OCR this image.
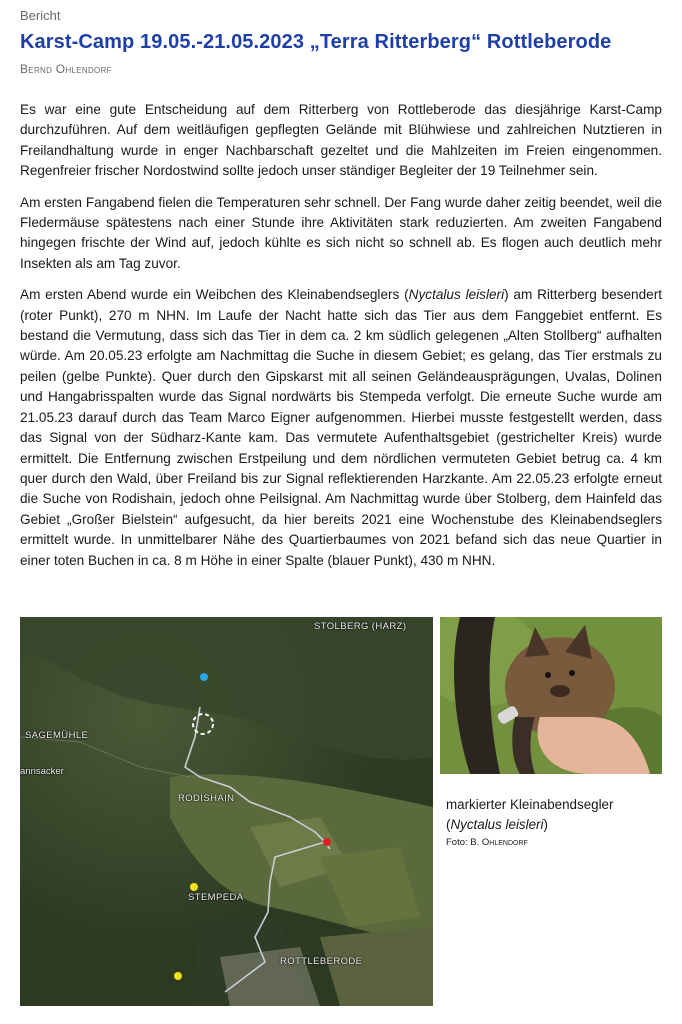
Bericht
Karst-Camp 19.05.-21.05.2023 „Terra Ritterberg“ Rottleberode
Bernd Ohlendorf

Es war eine gute Entscheidung auf dem Ritterberg von Rottleberode das diesjährige Karst-Camp durchzuführen. Auf dem weitläufigen gepflegten Gelände mit Blühwiese und zahlreichen Nutztieren in Freilandhaltung wurde in enger Nachbarschaft gezeltet und die Mahlzeiten im Freien eingenommen. Regenfreier frischer Nordostwind sollte jedoch unser ständiger Begleiter der 19 Teilnehmer sein.

Am ersten Fangabend fielen die Temperaturen sehr schnell. Der Fang wurde daher zeitig beendet, weil die Fledermäuse spätestens nach einer Stunde ihre Aktivitäten stark reduzierten. Am zweiten Fangabend hingegen frischte der Wind auf, jedoch kühlte es sich nicht so schnell ab. Es flogen auch deutlich mehr Insekten als am Tag zuvor.

Am ersten Abend wurde ein Weibchen des Kleinabendseglers (Nyctalus leisleri) am Ritterberg besendert (roter Punkt), 270 m NHN. Im Laufe der Nacht hatte sich das Tier aus dem Fanggebiet entfernt. Es bestand die Vermutung, dass sich das Tier in dem ca. 2 km südlich gelegenen „Alten Stollberg“ aufhalten würde. Am 20.05.23 erfolgte am Nachmittag die Suche in diesem Gebiet; es gelang, das Tier erstmals zu peilen (gelbe Punkte). Quer durch den Gipskarst mit all seinen Geländeausprägungen, Uvalas, Dolinen und Hangabrisspalten wurde das Signal nordwärts bis Stempeda verfolgt. Die erneute Suche wurde am 21.05.23 darauf durch das Team Marco Eigner aufgenommen. Hierbei musste festgestellt werden, dass das Signal von der Südharz-Kante kam. Das vermutete Aufenthaltsgebiet (gestrichelter Kreis) wurde ermittelt. Die Entfernung zwischen Erstpeilung und dem nördlichen vermuteten Gebiet betrug ca. 4 km quer durch den Wald, über Freiland bis zur Signal reflektierenden Harzkante. Am 22.05.23 erfolgte erneut die Suche von Rodishain, jedoch ohne Peilsignal. Am Nachmittag wurde über Stolberg, dem Hainfeld das Gebiet „Großer Bielstein“ aufgesucht, da hier bereits 2021 eine Wochenstube des Kleinabendseglers ermittelt wurde. In unmittelbarer Nähe des Quartierbaumes von 2021 befand sich das neue Quartier in einer toten Buchen in ca. 8 m Höhe in einer Spalte (blauer Punkt), 430 m NHN.

STOLBERG (HARZ)
SAGEMÜHLE
annsacker
RODISHAIN
STEMPEDA
ROTTLEBERODE
markierter Kleinabendsegler
(Nyctalus leisleri)
Foto: B. Ohlendorf
